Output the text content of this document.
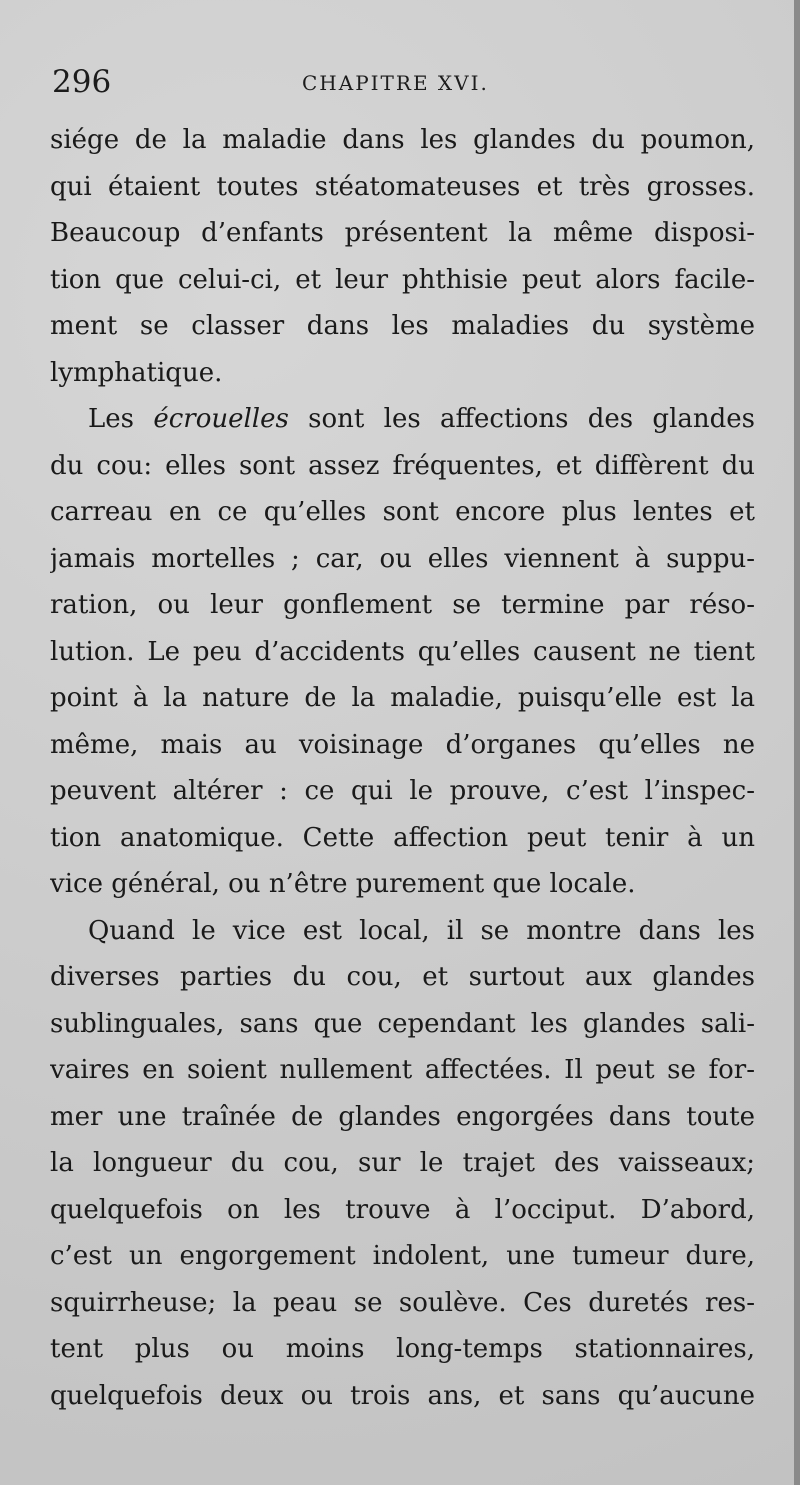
296	CHAPITRE XVI.
siége de la maladie dans les glandes du poumon,
qui étaient toutes stéatomateuses et très grosses.
Beaucoup d’enfants présentent la même disposi-
tion que celui-ci, et leur phthisie peut alors facile-
ment se classer dans les maladies du système
lymphatique.
Les écrouelles sont les affections des glandes
du cou: elles sont assez fréquentes, et diffèrent du
carreau en ce qu’elles sont encore plus lentes et
jamais mortelles ; car, ou elles viennent à suppu-
ration, ou leur gonflement se termine par réso-
lution. Le peu d’accidents qu’elles causent ne tient
point à la nature de la maladie, puisqu’elle est la
même, mais au voisinage d’organes qu’elles ne
peuvent altérer : ce qui le prouve, c’est l’inspec-
tion anatomique. Cette affection peut tenir à un
vice général, ou n’être purement que locale.
Quand le vice est local, il se montre dans les
diverses parties du cou, et surtout aux glandes
sublinguales, sans que cependant les glandes sali-
vaires en soient nullement affectées. Il peut se for-
mer une traînée de glandes engorgées dans toute
la longueur du cou, sur le trajet des vaisseaux;
quelquefois on les trouve à l’occiput. D’abord,
c’est un engorgement indolent, une tumeur dure,
squirrheuse; la peau se soulève. Ces duretés res-
tent plus ou moins long-temps stationnaires,
quelquefois deux ou trois ans, et sans qu’aucune
